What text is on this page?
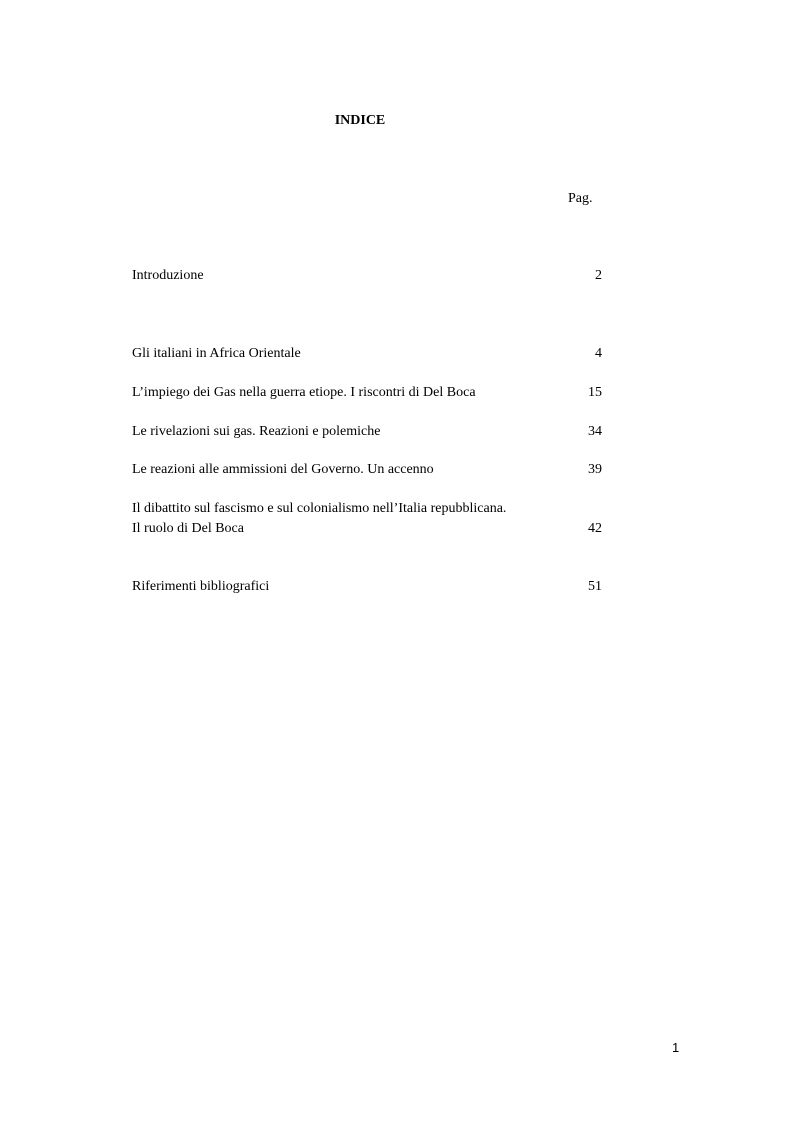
INDICE
Pag.
Introduzione	2
Gli italiani in Africa Orientale	4
L’impiego dei Gas nella guerra etiope. I riscontri di Del Boca	15
Le rivelazioni sui gas. Reazioni e polemiche	34
Le reazioni alle ammissioni del Governo. Un accenno	39
Il dibattito sul fascismo e sul colonialismo nell’Italia repubblicana.
Il ruolo di Del Boca	42
Riferimenti bibliografici	51
1
